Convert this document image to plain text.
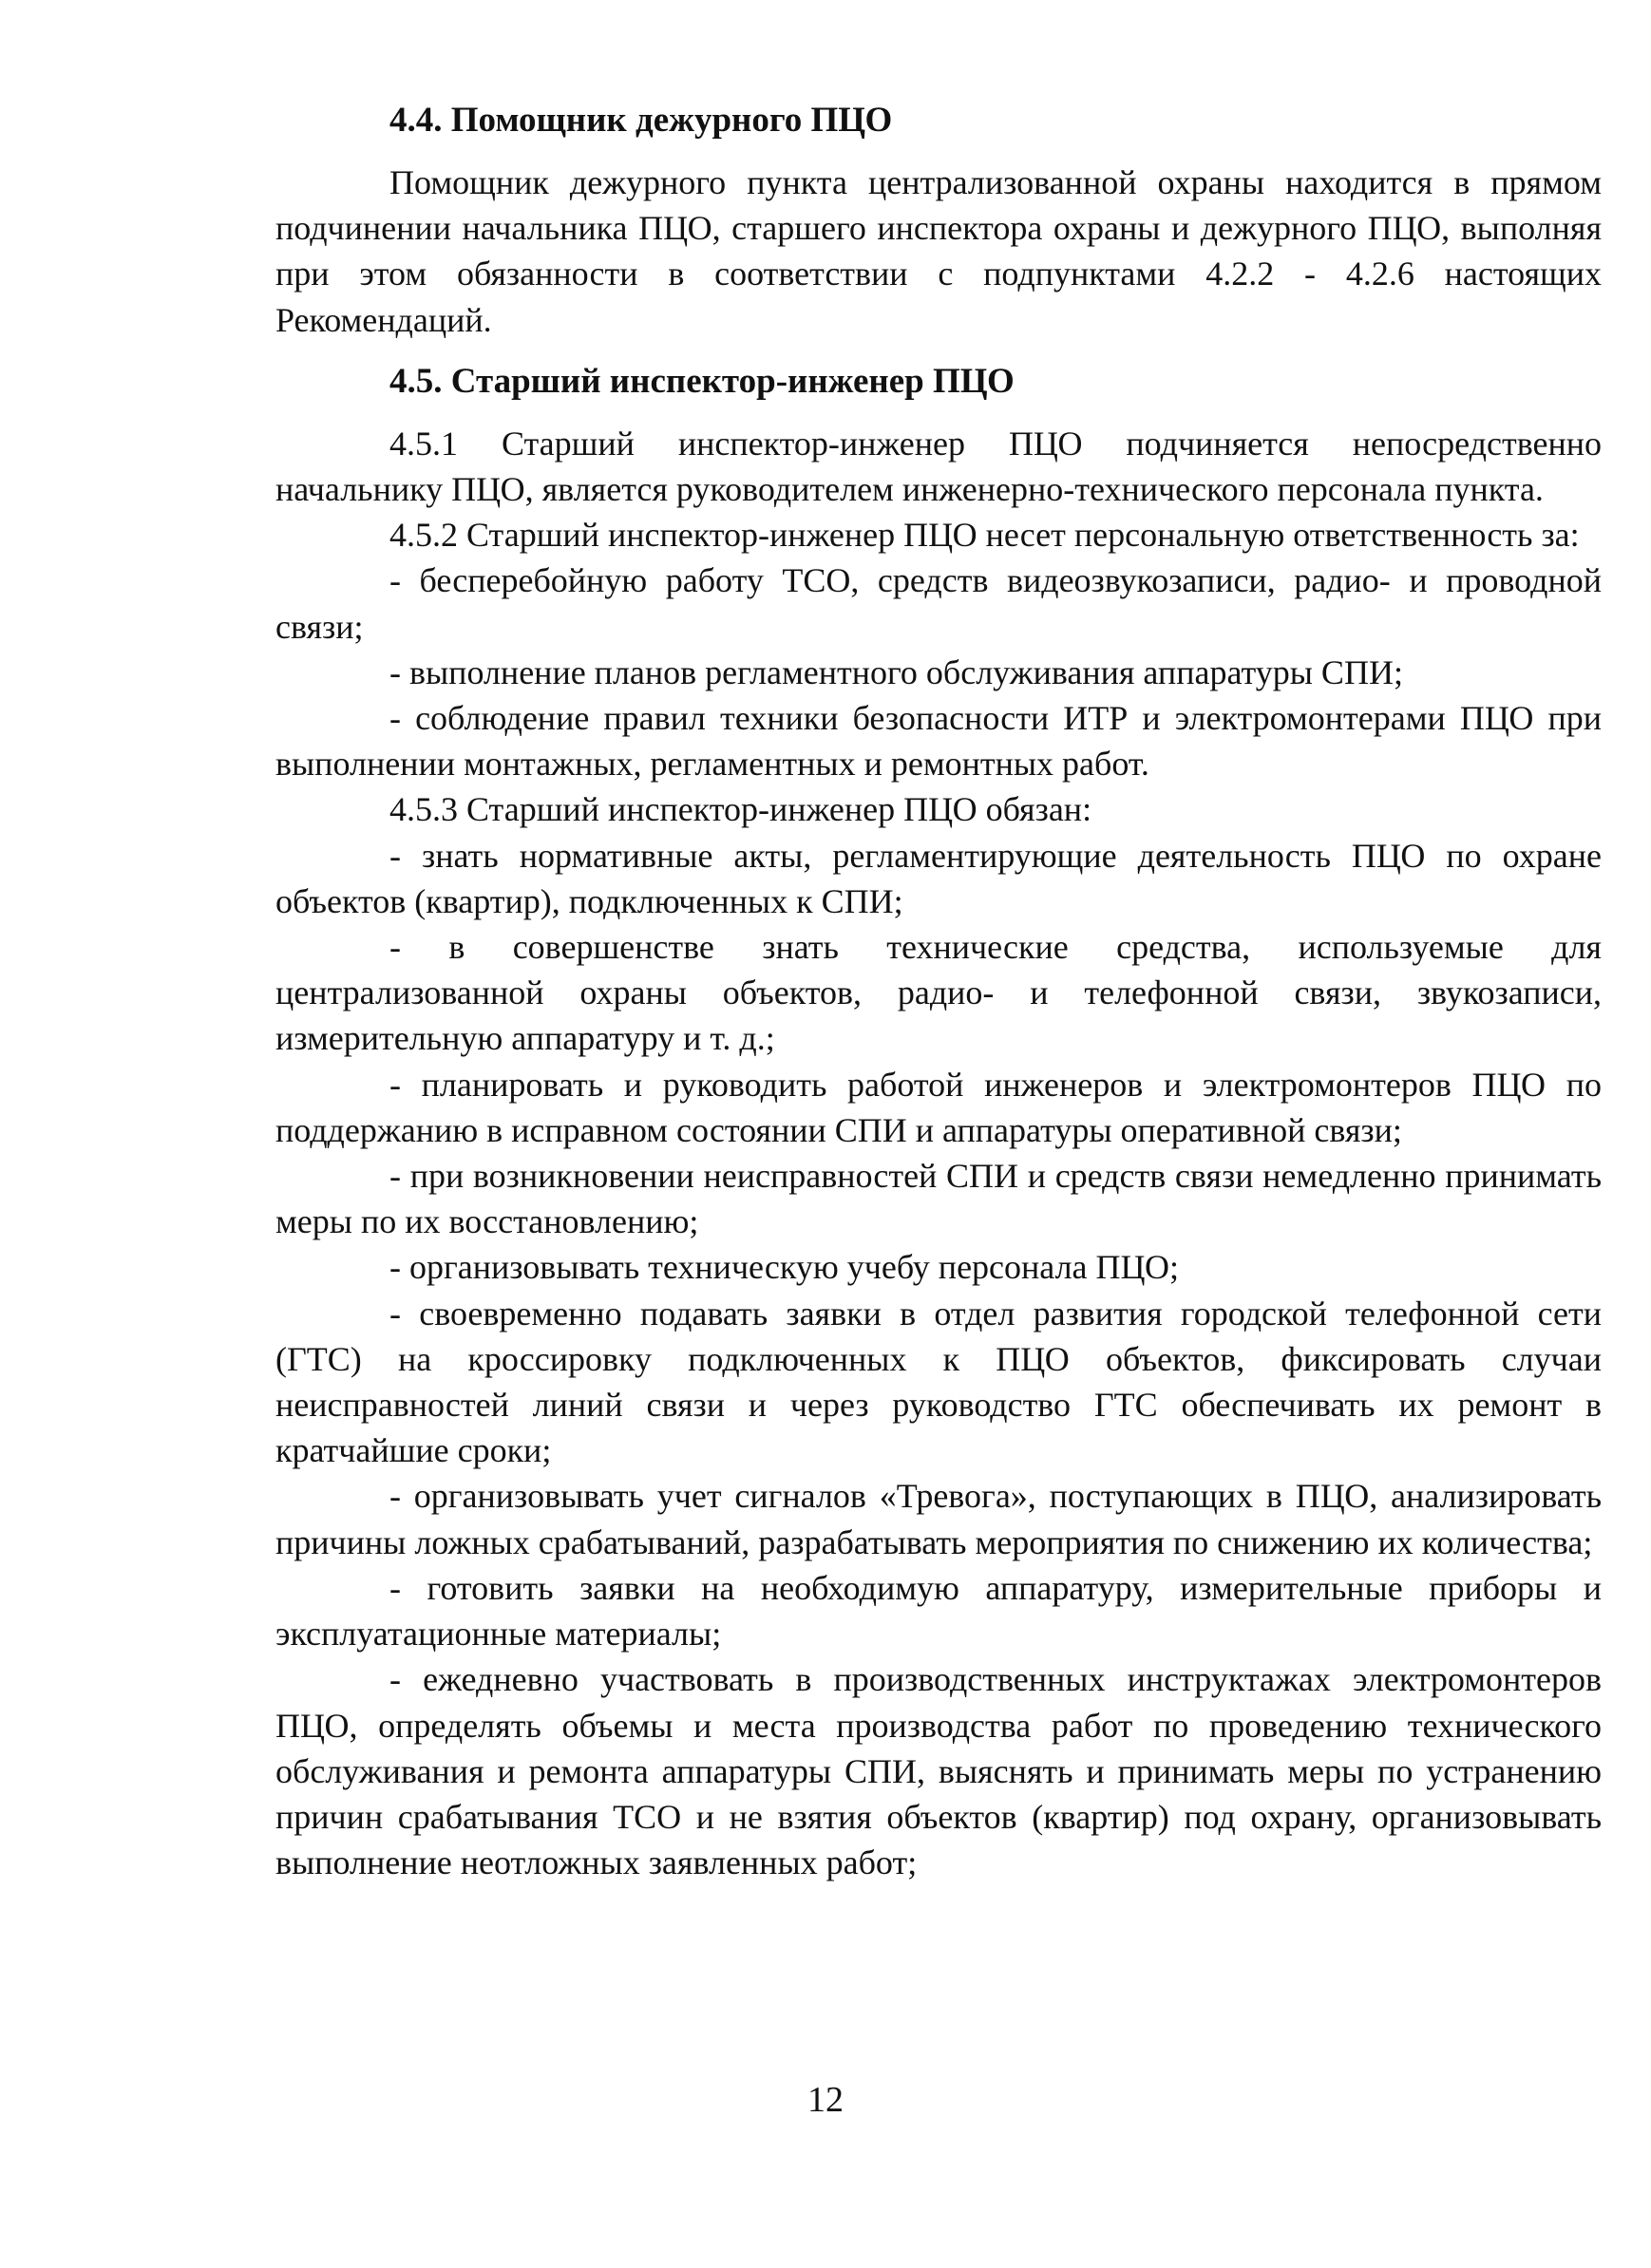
4.4. Помощник дежурного ПЦО

Помощник дежурного пункта централизованной охраны находится в прямом подчинении начальника ПЦО, старшего инспектора охраны и дежурного ПЦО, выполняя при этом обязанности в соответствии с подпунктами 4.2.2 - 4.2.6 настоящих Рекомендаций.

4.5. Старший инспектор-инженер ПЦО

4.5.1 Старший инспектор-инженер ПЦО подчиняется непосредственно начальнику ПЦО, является руководителем инженерно-технического персонала пункта.

4.5.2 Старший инспектор-инженер ПЦО несет персональную ответственность за:

- бесперебойную работу ТСО, средств видеозвукозаписи, радио- и проводной связи;

- выполнение планов регламентного обслуживания аппаратуры СПИ;

- соблюдение правил техники безопасности ИТР и электромонтерами ПЦО при выполнении монтажных, регламентных и ремонтных работ.

4.5.3 Старший инспектор-инженер ПЦО обязан:

- знать нормативные акты, регламентирующие деятельность ПЦО по охране объектов (квартир), подключенных к СПИ;

- в совершенстве знать технические средства, используемые для централизованной охраны объектов, радио- и телефонной связи, звукозаписи, измерительную аппаратуру и т. д.;

- планировать и руководить работой инженеров и электромонтеров ПЦО по поддержанию в исправном состоянии СПИ и аппаратуры оперативной связи;

- при возникновении неисправностей СПИ и средств связи немедленно принимать меры по их восстановлению;

- организовывать техническую учебу персонала ПЦО;

- своевременно подавать заявки в отдел развития городской телефонной сети (ГТС) на кроссировку подключенных к ПЦО объектов, фиксировать случаи неисправностей линий связи и через руководство ГТС обеспечивать их ремонт в кратчайшие сроки;

- организовывать учет сигналов «Тревога», поступающих в ПЦО, анализировать причины ложных срабатываний, разрабатывать мероприятия по снижению их количества;

- готовить заявки на необходимую аппаратуру, измерительные приборы и эксплуатационные материалы;

- ежедневно участвовать в производственных инструктажах электромонтеров ПЦО, определять объемы и места производства работ по проведению технического обслуживания и ремонта аппаратуры СПИ, выяснять и принимать меры по устранению причин срабатывания ТСО и не взятия объектов (квартир) под охрану, организовывать выполнение неотложных заявленных работ;

12
